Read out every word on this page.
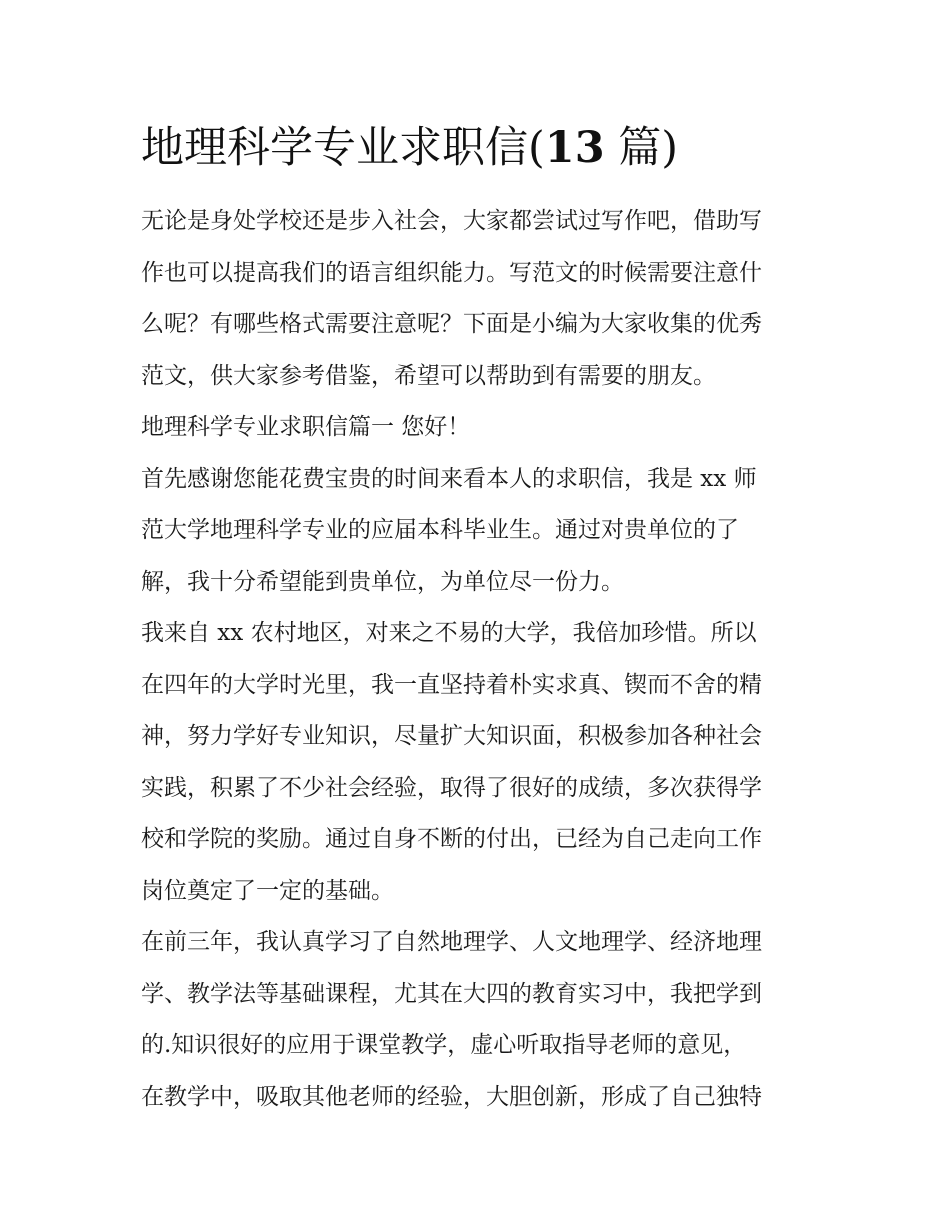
地理科学专业求职信(13 篇)

无论是身处学校还是步入社会，大家都尝试过写作吧，借助写

作也可以提高我们的语言组织能力。写范文的时候需要注意什

么呢？有哪些格式需要注意呢？下面是小编为大家收集的优秀

范文，供大家参考借鉴，希望可以帮助到有需要的朋友。

地理科学专业求职信篇一 您好！

首先感谢您能花费宝贵的时间来看本人的求职信，我是 xx 师

范大学地理科学专业的应届本科毕业生。通过对贵单位的了

解，我十分希望能到贵单位，为单位尽一份力。

我来自 xx 农村地区，对来之不易的大学，我倍加珍惜。所以

在四年的大学时光里，我一直坚持着朴实求真、锲而不舍的精

神，努力学好专业知识，尽量扩大知识面，积极参加各种社会

实践，积累了不少社会经验，取得了很好的成绩，多次获得学

校和学院的奖励。通过自身不断的付出，已经为自己走向工作

岗位奠定了一定的基础。

在前三年，我认真学习了自然地理学、人文地理学、经济地理

学、教学法等基础课程，尤其在大四的教育实习中，我把学到

的.知识很好的应用于课堂教学，虚心听取指导老师的意见，

在教学中，吸取其他老师的经验，大胆创新，形成了自己独特
